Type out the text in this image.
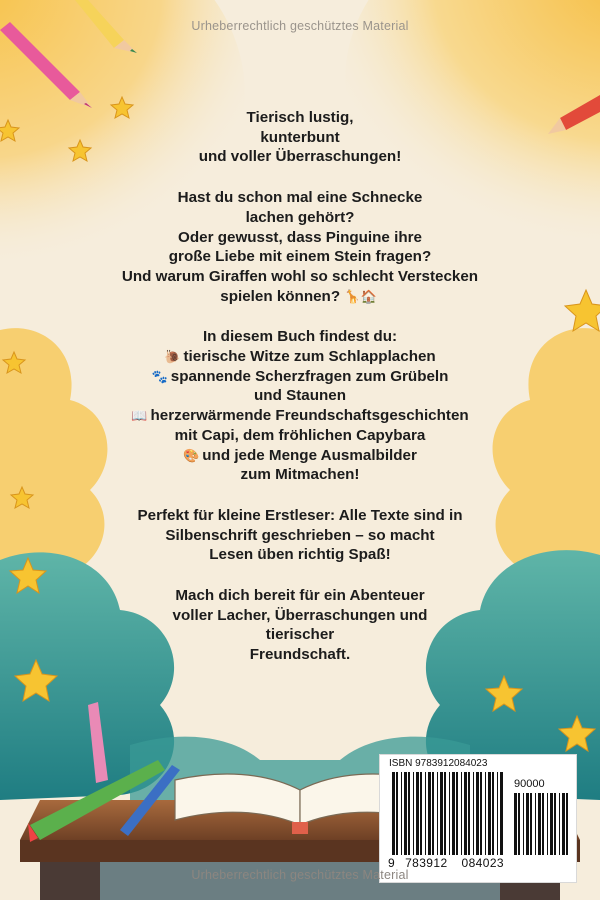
Urheberrechtlich geschütztes Material

Tierisch lustig,
kunterbunt
und voller Überraschungen!

Hast du schon mal eine Schnecke
lachen gehört?
Oder gewusst, dass Pinguine ihre
große Liebe mit einem Stein fragen?
Und warum Giraffen wohl so schlecht Verstecken
spielen können? 🦒🏠

In diesem Buch findest du:
🐌 tierische Witze zum Schlapplachen
🐾 spannende Scherzfragen zum Grübeln
und Staunen
📖 herzerwärmende Freundschaftsgeschichten
mit Capi, dem fröhlichen Capybara
🎨 und jede Menge Ausmalbilder
zum Mitmachen!

Perfekt für kleine Erstleser: Alle Texte sind in
Silbenschrift geschrieben – so macht
Lesen üben richtig Spaß!

Mach dich bereit für ein Abenteuer
voller Lacher, Überraschungen und
tierischer
Freundschaft.

ISBN 9783912084023
90000
9 783912 084023
Urheberrechtlich geschütztes Material
